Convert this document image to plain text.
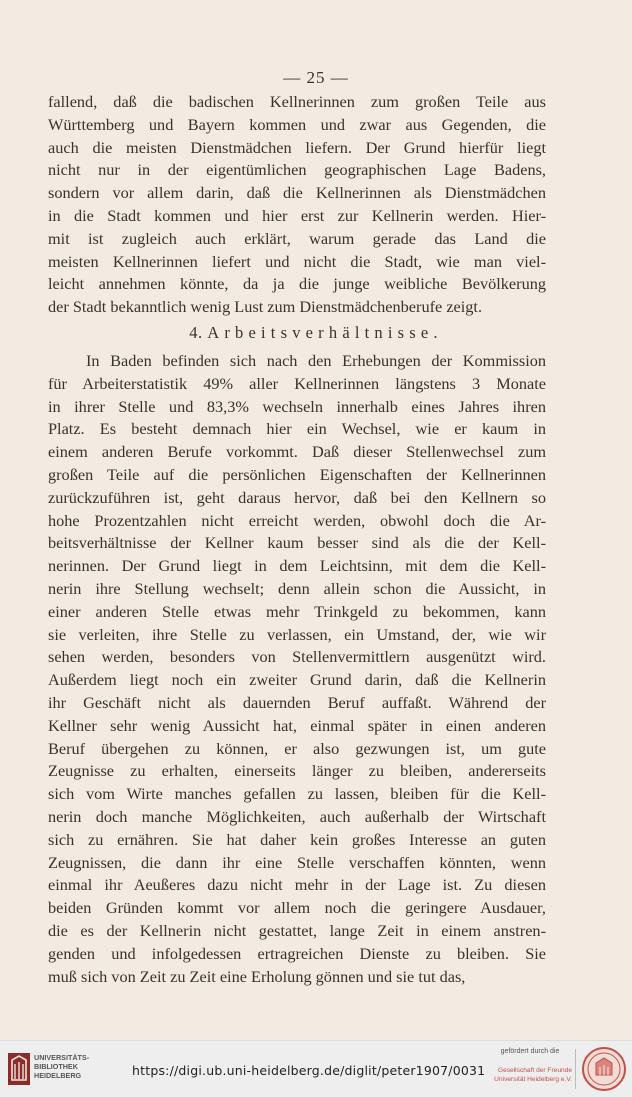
— 25 —
fallend, daß die badischen Kellnerinnen zum großen Teile aus
Württemberg und Bayern kommen und zwar aus Gegenden, die
auch die meisten Dienstmädchen liefern. Der Grund hierfür liegt
nicht nur in der eigentümlichen geographischen Lage Badens,
sondern vor allem darin, daß die Kellnerinnen als Dienstmädchen
in die Stadt kommen und hier erst zur Kellnerin werden. Hier-
mit ist zugleich auch erklärt, warum gerade das Land die
meisten Kellnerinnen liefert und nicht die Stadt, wie man viel-
leicht annehmen könnte, da ja die junge weibliche Bevölkerung
der Stadt bekanntlich wenig Lust zum Dienstmädchenberufe zeigt.
4. Arbeitsverhältnisse.
In Baden befinden sich nach den Erhebungen der Kommission
für Arbeiterstatistik 49% aller Kellnerinnen längstens 3 Monate
in ihrer Stelle und 83,3% wechseln innerhalb eines Jahres ihren
Platz. Es besteht demnach hier ein Wechsel, wie er kaum in
einem anderen Berufe vorkommt. Daß dieser Stellenwechsel zum
großen Teile auf die persönlichen Eigenschaften der Kellnerinnen
zurückzuführen ist, geht daraus hervor, daß bei den Kellnern so
hohe Prozentzahlen nicht erreicht werden, obwohl doch die Ar-
beitsverhältnisse der Kellner kaum besser sind als die der Kell-
nerinnen. Der Grund liegt in dem Leichtsinn, mit dem die Kell-
nerin ihre Stellung wechselt; denn allein schon die Aussicht, in
einer anderen Stelle etwas mehr Trinkgeld zu bekommen, kann
sie verleiten, ihre Stelle zu verlassen, ein Umstand, der, wie wir
sehen werden, besonders von Stellenvermittlern ausgenützt wird.
Außerdem liegt noch ein zweiter Grund darin, daß die Kellnerin
ihr Geschäft nicht als dauernden Beruf auffaßt. Während der
Kellner sehr wenig Aussicht hat, einmal später in einen anderen
Beruf übergehen zu können, er also gezwungen ist, um gute
Zeugnisse zu erhalten, einerseits länger zu bleiben, andererseits
sich vom Wirte manches gefallen zu lassen, bleiben für die Kell-
nerin doch manche Möglichkeiten, auch außerhalb der Wirtschaft
sich zu ernähren. Sie hat daher kein großes Interesse an guten
Zeugnissen, die dann ihr eine Stelle verschaffen könnten, wenn
einmal ihr Aeußeres dazu nicht mehr in der Lage ist. Zu diesen
beiden Gründen kommt vor allem noch die geringere Ausdauer,
die es der Kellnerin nicht gestattet, lange Zeit in einem anstren-
genden und infolgedessen ertragreichen Dienste zu bleiben. Sie
muß sich von Zeit zu Zeit eine Erholung gönnen und sie tut das,
UNIVERSITÄTS-
BIBLIOTHEK
HEIDELBERG	https://digi.ub.uni-heidelberg.de/diglit/peter1907/0031
gefördert durch die
Gesellschaft der Freunde
Universität Heidelberg e.V.
